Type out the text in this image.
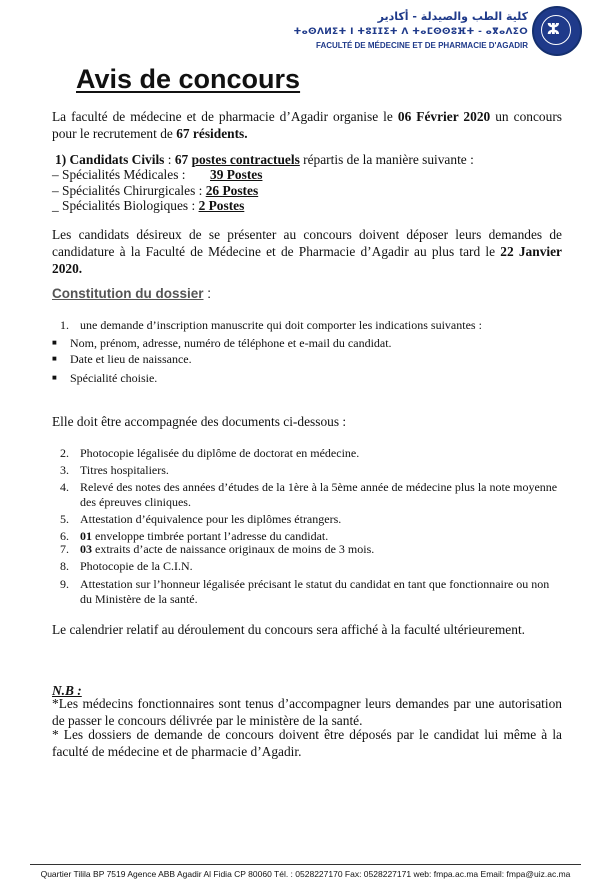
ⵣ
كلية الطب والصيدلة - أكادير
ⵜⴰⵙⴷⵍⵉⵜ ⵏ ⵜⵓⵊⵊⵉⵜ ⴷ ⵜⴰⵎⵙⵙⵓⴼⵜ - ⴰⴳⴰⴷⵉⵔ
FACULTÉ DE MÉDECINE ET DE PHARMACIE D'AGADIR
Avis de concours
La faculté de médecine et de pharmacie d’Agadir organise le 06 Février 2020 un concours pour le recrutement de 67 résidents.
1) Candidats Civils : 67 postes contractuels répartis de la manière suivante :
– Spécialités Médicales : 39 Postes
– Spécialités Chirurgicales : 26 Postes
_ Spécialités Biologiques : 2 Postes
Les candidats désireux de se présenter au concours doivent déposer leurs demandes de candidature à la Faculté de Médecine et de Pharmacie d’Agadir au plus tard le 22 Janvier 2020.
Constitution du dossier :
1. une demande d’inscription manuscrite qui doit comporter les indications suivantes :
■ Nom, prénom, adresse, numéro de téléphone et e-mail du candidat.
■ Date et lieu de naissance.
■ Spécialité choisie.
Elle doit être accompagnée des documents ci-dessous :
2. Photocopie légalisée du diplôme de doctorat en médecine.
3. Titres hospitaliers.
4. Relevé des notes des années d’études de la 1ère à la 5ème année de médecine plus la note moyenne des épreuves cliniques.
5. Attestation d’équivalence pour les diplômes étrangers.
6. 01 enveloppe timbrée portant l’adresse du candidat.
7. 03 extraits d’acte de naissance originaux de moins de 3 mois.
8. Photocopie de la C.I.N.
9. Attestation sur l’honneur légalisée précisant le statut du candidat en tant que fonctionnaire ou non du Ministère de la santé.
Le calendrier relatif au déroulement du concours sera affiché à la faculté ultérieurement.
N.B :
*Les médecins fonctionnaires sont tenus d’accompagner leurs demandes par une autorisation de passer le concours délivrée par le ministère de la santé.
* Les dossiers de demande de concours doivent être déposés par le candidat lui même à la faculté de médecine et de pharmacie d’Agadir.
Quartier Tilila BP 7519 Agence ABB Agadir Al Fidia CP 80060 Tél. : 0528227170 Fax: 0528227171 web: fmpa.ac.ma Email: fmpa@uiz.ac.ma
